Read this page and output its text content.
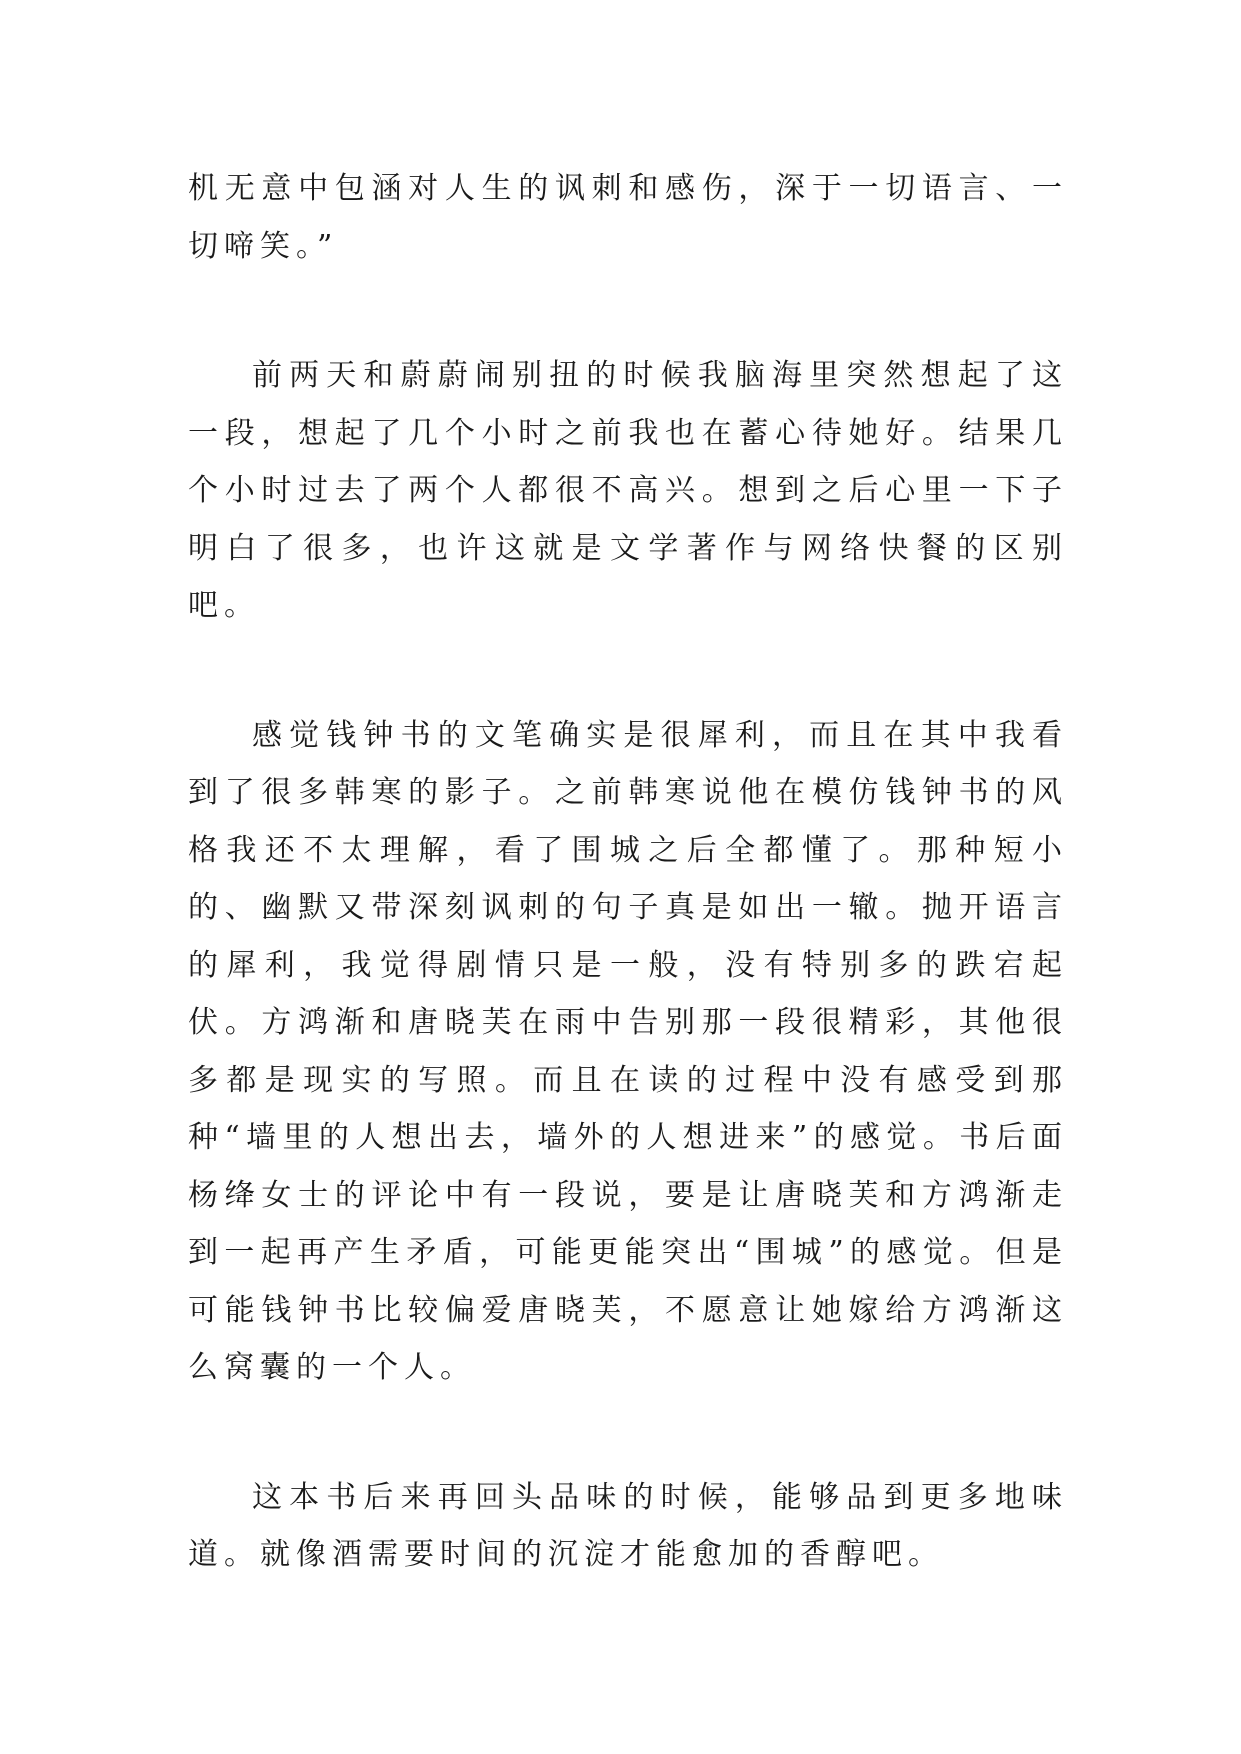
机无意中包涵对人生的讽刺和感伤，深于一切语言、一切啼笑。”

前两天和蔚蔚闹别扭的时候我脑海里突然想起了这一段，想起了几个小时之前我也在蓄心待她好。结果几个小时过去了两个人都很不高兴。想到之后心里一下子明白了很多，也许这就是文学著作与网络快餐的区别吧。

感觉钱钟书的文笔确实是很犀利，而且在其中我看到了很多韩寒的影子。之前韩寒说他在模仿钱钟书的风格我还不太理解，看了围城之后全都懂了。那种短小的、幽默又带深刻讽刺的句子真是如出一辙。抛开语言的犀利，我觉得剧情只是一般，没有特别多的跌宕起伏。方鸿渐和唐晓芙在雨中告别那一段很精彩，其他很多都是现实的写照。而且在读的过程中没有感受到那种“墙里的人想出去，墙外的人想进来”的感觉。书后面杨绛女士的评论中有一段说，要是让唐晓芙和方鸿渐走到一起再产生矛盾，可能更能突出“围城”的感觉。但是可能钱钟书比较偏爱唐晓芙，不愿意让她嫁给方鸿渐这么窝囊的一个人。

这本书后来再回头品味的时候，能够品到更多地味道。就像酒需要时间的沉淀才能愈加的香醇吧。
